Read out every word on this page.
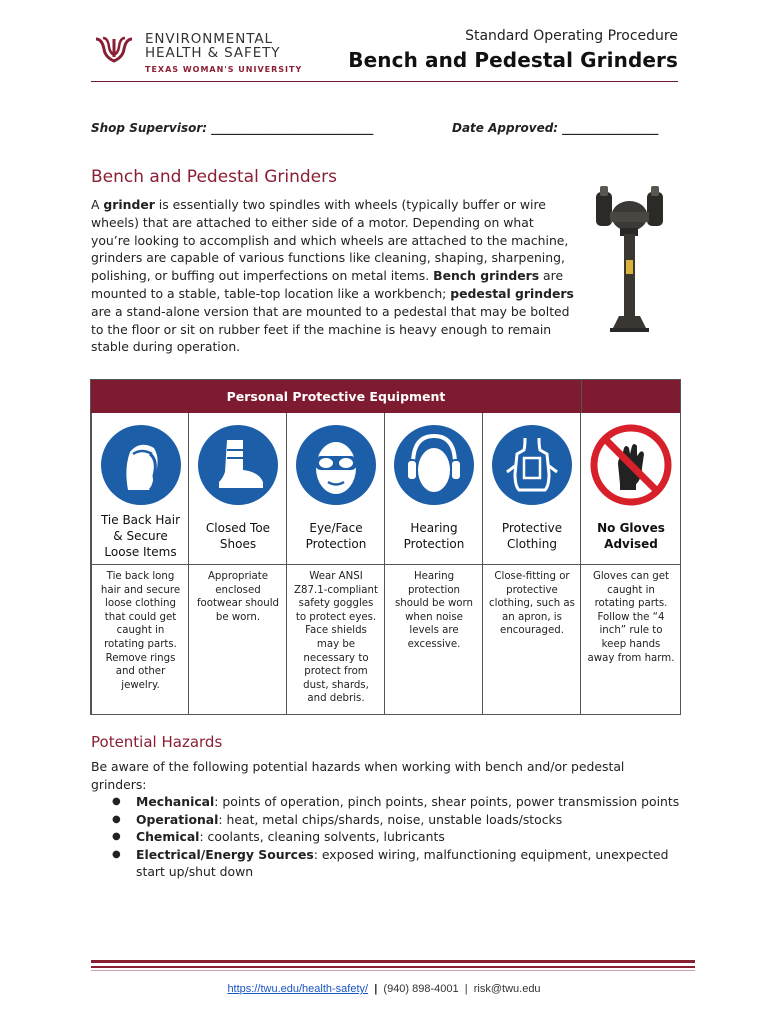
ENVIRONMENTAL
HEALTH & SAFETY
TEXAS WOMAN'S UNIVERSITY
Standard Operating Procedure
Bench and Pedestal Grinders
Shop Supervisor: ___________________________	Date Approved: ________________
Bench and Pedestal Grinders
A grinder is essentially two spindles with wheels (typically buffer or wire wheels) that are attached to either side of a motor. Depending on what you’re looking to accomplish and which wheels are attached to the machine, grinders are capable of various functions like cleaning, shaping, sharpening, polishing, or buffing out imperfections on metal items. Bench grinders are mounted to a stable, table-top location like a workbench; pedestal grinders are a stand-alone version that are mounted to a pedestal that may be bolted to the floor or sit on rubber feet if the machine is heavy enough to remain stable during operation.
Personal Protective Equipment
Tie Back Hair & Secure Loose Items
Tie back long hair and secure loose clothing that could get caught in rotating parts. Remove rings and other jewelry.
Closed Toe Shoes
Appropriate enclosed footwear should be worn.
Eye/Face Protection
Wear ANSI Z87.1-compliant safety goggles to protect eyes. Face shields may be necessary to protect from dust, shards, and debris.
Hearing Protection
Hearing protection should be worn when noise levels are excessive.
Protective Clothing
Close-fitting or protective clothing, such as an apron, is encouraged.
No Gloves Advised
Gloves can get caught in rotating parts. Follow the “4 inch” rule to keep hands away from harm.
Potential Hazards
Be aware of the following potential hazards when working with bench and/or pedestal grinders:
● Mechanical: points of operation, pinch points, shear points, power transmission points
● Operational: heat, metal chips/shards, noise, unstable loads/stocks
● Chemical: coolants, cleaning solvents, lubricants
● Electrical/Energy Sources: exposed wiring, malfunctioning equipment, unexpected start up/shut down
https://twu.edu/health-safety/ | (940) 898-4001 | risk@twu.edu
